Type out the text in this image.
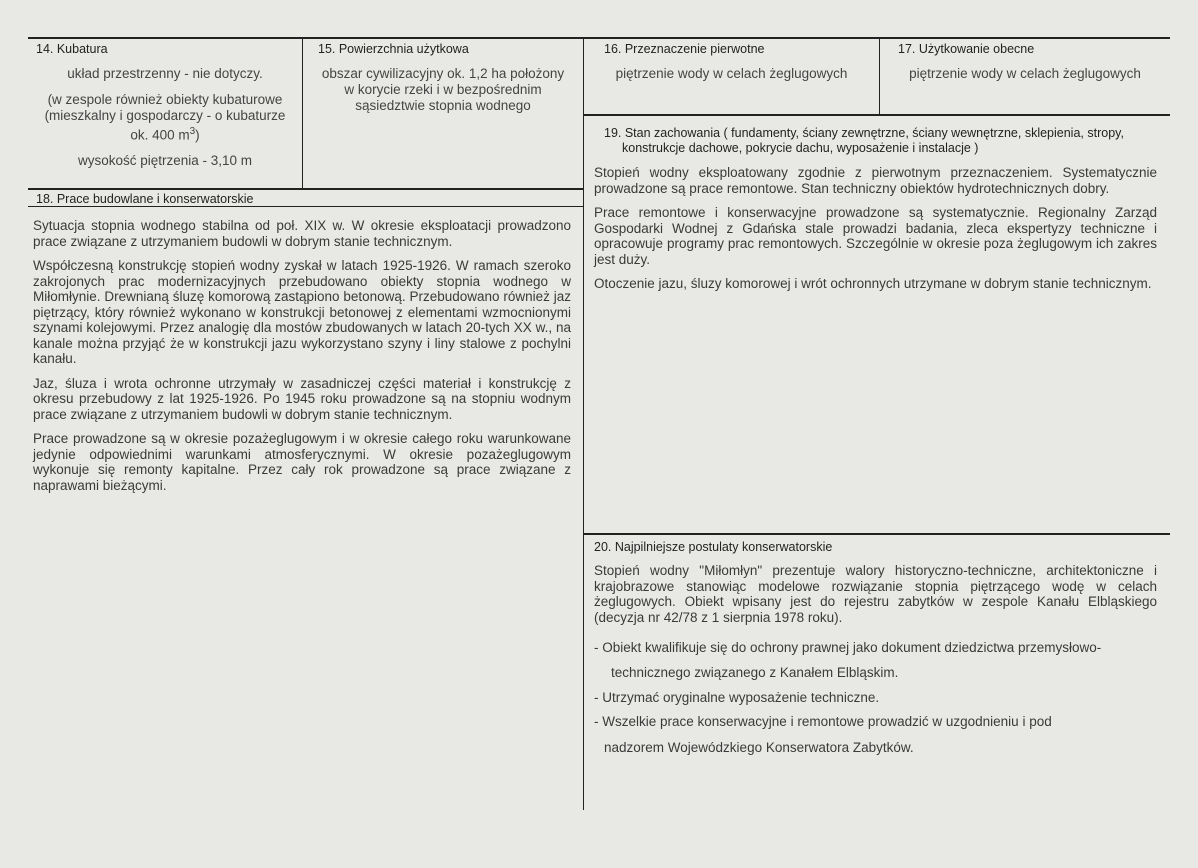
14. Kubatura
układ przestrzenny - nie dotyczy.
(w zespole również obiekty kubaturowe
(mieszkalny i gospodarczy - o kubaturze
ok. 400 $m^3$)
wysokość piętrzenia - 3,10 m
15. Powierzchnia użytkowa
obszar cywilizacyjny ok. 1,2 ha położony
w korycie rzeki i w bezpośrednim
sąsiedztwie stopnia wodnego
16. Przeznaczenie pierwotne
piętrzenie wody w celach żeglugowych
17. Użytkowanie obecne
piętrzenie wody w celach żeglugowych
18. Prace budowlane i konserwatorskie

Sytuacja stopnia wodnego stabilna od poł. XIX w. W okresie eksploatacji prowadzono prace związane z utrzymaniem budowli w dobrym stanie technicznym.

Współczesną konstrukcję stopień wodny zyskał w latach 1925-1926. W ramach szeroko zakrojonych prac modernizacyjnych przebudowano obiekty stopnia wodnego w Miłomłynie. Drewnianą śluzę komorową zastąpiono betonową. Przebudowano również jaz piętrzący, który również wykonano w konstrukcji betonowej z elementami wzmocnionymi szynami kolejowymi. Przez analogię dla mostów zbudowanych w latach 20-tych XX w., na kanale można przyjąć że w konstrukcji jazu wykorzystano szyny i liny stalowe z pochylni kanału.

Jaz, śluza i wrota ochronne utrzymały w zasadniczej części materiał i konstrukcję z okresu przebudowy z lat 1925-1926. Po 1945 roku prowadzone są na stopniu wodnym prace związane z utrzymaniem budowli w dobrym stanie technicznym.

Prace prowadzone są w okresie pozażeglugowym i w okresie całego roku warunkowane jedynie odpowiednimi warunkami atmosferycznymi. W okresie pozażeglugowym wykonuje się remonty kapitalne. Przez cały rok prowadzone są prace związane z naprawami bieżącymi.

19. Stan zachowania ( fundamenty, ściany zewnętrzne, ściany wewnętrzne, sklepienia, stropy,
konstrukcje dachowe, pokrycie dachu, wyposażenie i instalacje )

Stopień wodny eksploatowany zgodnie z pierwotnym przeznaczeniem. Systematycznie prowadzone są prace remontowe. Stan techniczny obiektów hydrotechnicznych dobry.

Prace remontowe i konserwacyjne prowadzone są systematycznie. Regionalny Zarząd Gospodarki Wodnej z Gdańska stale prowadzi badania, zleca ekspertyzy techniczne i opracowuje programy prac remontowych. Szczególnie w okresie poza żeglugowym ich zakres jest duży.

Otoczenie jazu, śluzy komorowej i wrót ochronnych utrzymane w dobrym stanie technicznym.

20. Najpilniejsze postulaty konserwatorskie

Stopień wodny "Miłomłyn" prezentuje walory historyczno-techniczne, architektoniczne i krajobrazowe stanowiąc modelowe rozwiązanie stopnia piętrzącego wodę w celach żeglugowych. Obiekt wpisany jest do rejestru zabytków w zespole Kanału Elbląskiego (decyzja nr 42/78 z 1 sierpnia 1978 roku).

- Obiekt kwalifikuje się do ochrony prawnej jako dokument dziedzictwa przemysłowo-
technicznego związanego z Kanałem Elbląskim.
- Utrzymać oryginalne wyposażenie techniczne.
- Wszelkie prace konserwacyjne i remontowe prowadzić w uzgodnieniu i pod
nadzorem Wojewódzkiego Konserwatora Zabytków.
